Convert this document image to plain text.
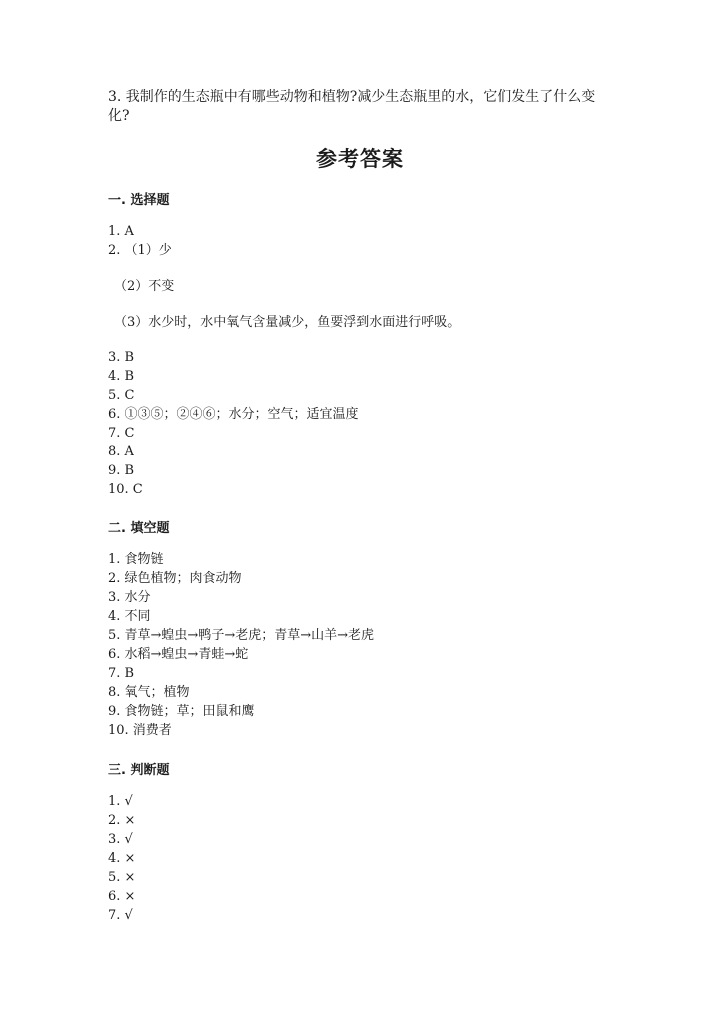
3. 我制作的生态瓶中有哪些动物和植物?减少生态瓶里的水，它们发生了什么变
化?
参考答案
一. 选择题
1. A
2. （1）少
（2）不变
（3）水少时，水中氧气含量减少，鱼要浮到水面进行呼吸。
3. B
4. B
5. C
6. ①③⑤；②④⑥；水分；空气；适宜温度
7. C
8. A
9. B
10. C
二. 填空题
1. 食物链
2. 绿色植物；肉食动物
3. 水分
4. 不同
5. 青草→蝗虫→鸭子→老虎；青草→山羊→老虎
6. 水稻→蝗虫→青蛙→蛇
7. B
8. 氧气；植物
9. 食物链；草；田鼠和鹰
10. 消费者
三. 判断题
1. √
2. ×
3. √
4. ×
5. ×
6. ×
7. √
